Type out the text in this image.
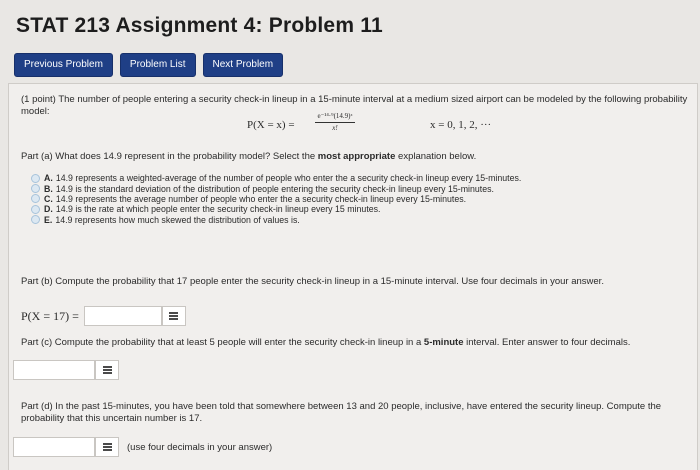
STAT 213 Assignment 4: Problem 11
Previous Problem	Problem List	Next Problem
(1 point) The number of people entering a security check-in lineup in a 15-minute interval at a medium sized airport can be modeled by the following probability model:
P(X = x) =
e⁻¹⁴·⁹(14.9)ˣ
x!	x = 0, 1, 2, ···
Part (a) What does 14.9 represent in the probability model? Select the most appropriate explanation below.
A. 14.9 represents a weighted-average of the number of people who enter the a security check-in lineup every 15-minutes.
B. 14.9 is the standard deviation of the distribution of people entering the security check-in lineup every 15-minutes.
C. 14.9 represents the average number of people who enter the a security check-in lineup every 15-minutes.
D. 14.9 is the rate at which people enter the security check-in lineup every 15 minutes.
E. 14.9 represents how much skewed the distribution of values is.
Part (b) Compute the probability that 17 people enter the security check-in lineup in a 15-minute interval. Use four decimals in your answer.
P(X = 17) =
Part (c) Compute the probability that at least 5 people will enter the security check-in lineup in a 5-minute interval. Enter answer to four decimals.
Part (d) In the past 15-minutes, you have been told that somewhere between 13 and 20 people, inclusive, have entered the security lineup. Compute the probability that this uncertain number is 17.
(use four decimals in your answer)
